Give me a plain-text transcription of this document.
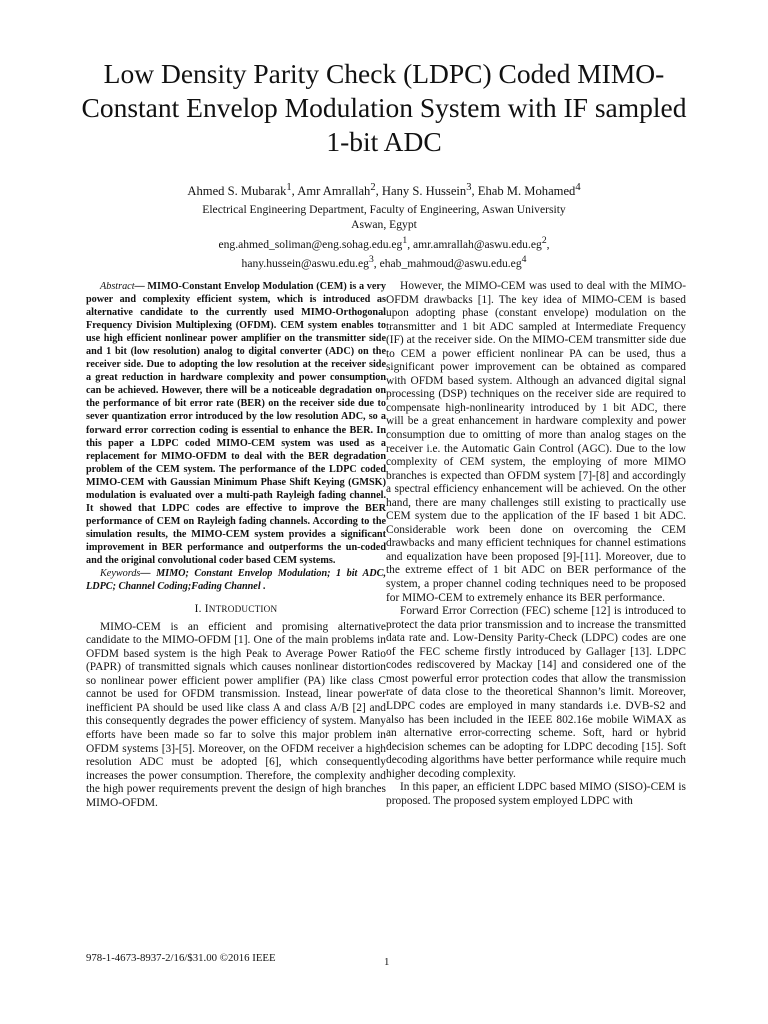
Low Density Parity Check (LDPC) Coded MIMO-Constant Envelop Modulation System with IF sampled 1-bit ADC
Ahmed S. Mubarak$^1$, Amr Amrallah$^2$, Hany S. Hussein$^3$, Ehab M. Mohamed$^4$
Electrical Engineering Department, Faculty of Engineering, Aswan University
Aswan, Egypt
$eng.ahmed\_soliman@eng.sohag.edu.eg^1$, $amr.amrallah@aswu.edu.eg^2$,
$hany.hussein@aswu.edu.eg^3$, $ehab\_mahmoud@aswu.edu.eg^4$

Abstract— MIMO-Constant Envelop Modulation (CEM) is a very power and complexity efficient system, which is introduced as alternative candidate to the currently used MIMO-Orthogonal Frequency Division Multiplexing (OFDM). CEM system enables to use high efficient nonlinear power amplifier on the transmitter side and 1 bit (low resolution) analog to digital converter (ADC) on the receiver side. Due to adopting the low resolution at the receiver side a great reduction in hardware complexity and power consumption can be achieved. However, there will be a noticeable degradation on the performance of bit error rate (BER) on the receiver side due to sever quantization error introduced by the low resolution ADC, so a forward error correction coding is essential to enhance the BER. In this paper a LDPC coded MIMO-CEM system was used as a replacement for MIMO-OFDM to deal with the BER degradation problem of the CEM system. The performance of the LDPC coded MIMO-CEM with Gaussian Minimum Phase Shift Keying (GMSK) modulation is evaluated over a multi-path Rayleigh fading channel. It showed that LDPC codes are effective to improve the BER performance of CEM on Rayleigh fading channels. According to the simulation results, the MIMO-CEM system provides a significant improvement in BER performance and outperforms the un-coded and the original convolutional coder based CEM systems.

Keywords— MIMO; Constant Envelop Modulation; 1 bit ADC, LDPC; Channel Coding;Fading Channel .

I. INTRODUCTION

MIMO-CEM is an efficient and promising alternative candidate to the MIMO-OFDM [1]. One of the main problems in OFDM based system is the high Peak to Average Power Ratio (PAPR) of transmitted signals which causes nonlinear distortion so nonlinear power efficient power amplifier (PA) like class C cannot be used for OFDM transmission. Instead, linear power inefficient PA should be used like class A and class A/B [2] and this consequently degrades the power efficiency of system. Many efforts have been made so far to solve this major problem in OFDM systems [3]-[5]. Moreover, on the OFDM receiver a high resolution ADC must be adopted [6], which consequently increases the power consumption. Therefore, the complexity and the high power requirements prevent the design of high branches MIMO-OFDM.

However, the MIMO-CEM was used to deal with the MIMO-OFDM drawbacks [1]. The key idea of MIMO-CEM is based upon adopting phase (constant envelope) modulation on the transmitter and 1 bit ADC sampled at Intermediate Frequency (IF) at the receiver side. On the MIMO-CEM transmitter side due to CEM a power efficient nonlinear PA can be used, thus a significant power improvement can be obtained as compared with OFDM based system. Although an advanced digital signal processing (DSP) techniques on the receiver side are required to compensate high-nonlinearity introduced by 1 bit ADC, there will be a great enhancement in hardware complexity and power consumption due to omitting of more than analog stages on the receiver i.e. the Automatic Gain Control (AGC). Due to the low complexity of CEM system, the employing of more MIMO branches is expected than OFDM system [7]-[8] and accordingly a spectral efficiency enhancement will be achieved. On the other hand, there are many challenges still existing to practically use CEM system due to the application of the IF based 1 bit ADC. Considerable work been done on overcoming the CEM drawbacks and many efficient techniques for channel estimations and equalization have been proposed [9]-[11]. Moreover, due to the extreme effect of 1 bit ADC on BER performance of the system, a proper channel coding techniques need to be proposed for MIMO-CEM to extremely enhance its BER performance.

Forward Error Correction (FEC) scheme [12] is introduced to protect the data prior transmission and to increase the transmitted data rate and. Low-Density Parity-Check (LDPC) codes are one of the FEC scheme firstly introduced by Gallager [13]. LDPC codes rediscovered by Mackay [14] and considered one of the most powerful error protection codes that allow the transmission rate of data close to the theoretical Shannon’s limit. Moreover, LDPC codes are employed in many standards i.e. DVB-S2 and also has been included in the IEEE 802.16e mobile WiMAX as an alternative error-correcting scheme. Soft, hard or hybrid decision schemes can be adopting for LDPC decoding [15]. Soft decoding algorithms have better performance while require much higher decoding complexity.

In this paper, an efficient LDPC based MIMO (SISO)-CEM is proposed. The proposed system employed LDPC with

978-1-4673-8937-2/16/$31.00 ©2016 IEEE	1
